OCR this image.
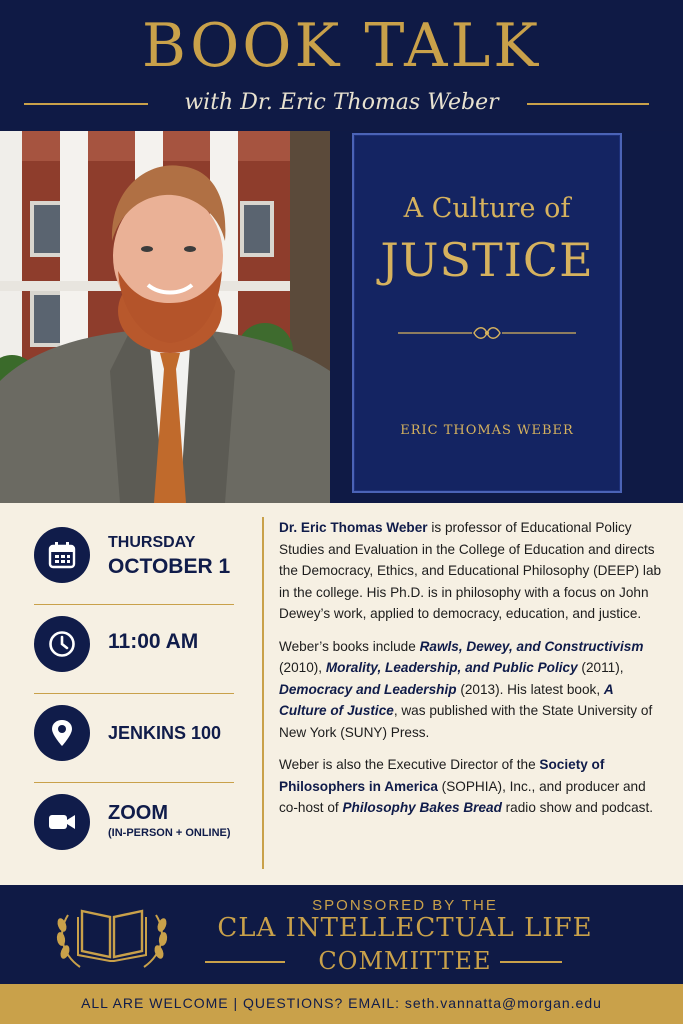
BOOK TALK
with Dr. Eric Thomas Weber
A Culture of
JUSTICE
ERIC THOMAS WEBER
THURSDAY
OCTOBER 1
11:00 AM
JENKINS 100
ZOOM
(IN-PERSON + ONLINE)

Dr. Eric Thomas Weber is professor of Educational Policy Studies and Evaluation in the College of Education and directs the Democracy, Ethics, and Educational Philosophy (DEEP) lab in the college. His Ph.D. is in philosophy with a focus on John Dewey’s work, applied to democracy, education, and justice.

Weber’s books include Rawls, Dewey, and Constructivism (2010), Morality, Leadership, and Public Policy (2011), Democracy and Leadership (2013). His latest book, A Culture of Justice, was published with the State University of New York (SUNY) Press.

Weber is also the Executive Director of the Society of Philosophers in America (SOPHIA), Inc., and producer and co-host of Philosophy Bakes Bread radio show and podcast.

SPONSORED BY THE
CLA INTELLECTUAL LIFE
COMMITTEE
ALL ARE WELCOME | QUESTIONS? EMAIL: seth.vannatta@morgan.edu
